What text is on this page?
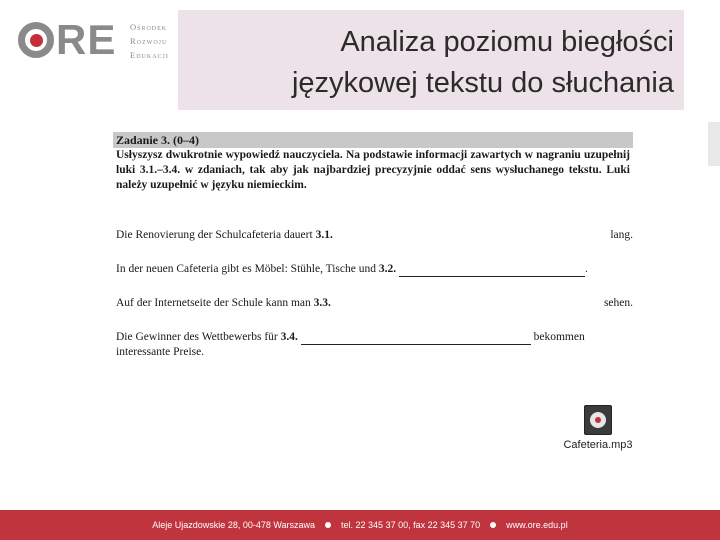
RE Ośrodek
Rozwoju
Edukacji	Analiza poziomu biegłości
językowej tekstu do słuchania
Zadanie 3. (0–4)
Usłyszysz dwukrotnie wypowiedź nauczyciela. Na podstawie informacji zawartych w nagraniu uzupełnij luki 3.1.–3.4. w zdaniach, tak aby jak najbardziej precyzyjnie oddać sens wysłuchanego tekstu. Luki należy uzupełnić w języku niemieckim.
Die Renovierung der Schulcafeteria dauert 3.1.	lang.
In der neuen Cafeteria gibt es Möbel: Stühle, Tische und 3.2.	.
Auf der Internetseite der Schule kann man 3.3.	sehen.
Die Gewinner des Wettbewerbs für 3.4.	bekommen
interessante Preise.
Cafeteria.mp3
Aleje Ujazdowskie 28, 00-478 Warszawa	tel. 22 345 37 00, fax 22 345 37 70	www.ore.edu.pl
